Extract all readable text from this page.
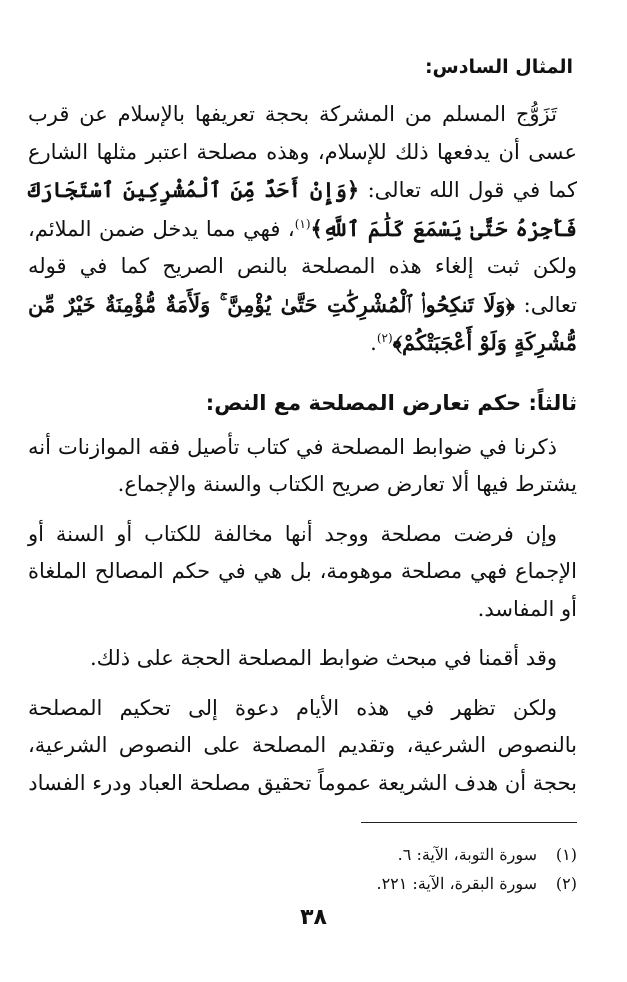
المثال السادس:

تَزَوُّج المسلم من المشركة بحجة تعريفها بالإسلام عن قرب عسى أن يدفعها ذلك للإسلام، وهذه مصلحة اعتبر مثلها الشارع كما في قول الله تعالى: ﴿وَإِنْ أَحَدٌ مِّنَ ٱلْمُشْرِكِينَ ٱسْتَجَارَكَ فَأَجِرْهُ حَتَّىٰ يَسْمَعَ كَلَٰمَ ٱللَّهِ﴾$^{(١)}$، فهي مما يدخل ضمن الملائم، ولكن ثبت إلغاء هذه المصلحة بالنص الصريح كما في قوله تعالى: ﴿وَلَا تَنكِحُوا۟ ٱلْمُشْرِكَٰتِ حَتَّىٰ يُؤْمِنَّ ۚ وَلَأَمَةٌ مُّؤْمِنَةٌ خَيْرٌ مِّن مُّشْرِكَةٍ وَلَوْ أَعْجَبَتْكُمْ﴾$^{(٢)}$.

ثالثاً: حكم تعارض المصلحة مع النص:

ذكرنا في ضوابط المصلحة في كتاب تأصيل فقه الموازنات أنه يشترط فيها ألا تعارض صريح الكتاب والسنة والإجماع.

وإن فرضت مصلحة ووجد أنها مخالفة للكتاب أو السنة أو الإجماع فهي مصلحة موهومة، بل هي في حكم المصالح الملغاة أو المفاسد.

وقد أقمنا في مبحث ضوابط المصلحة الحجة على ذلك.

ولكن تظهر في هذه الأيام دعوة إلى تحكيم المصلحة بالنصوص الشرعية، وتقديم المصلحة على النصوص الشرعية، بحجة أن هدف الشريعة عموماً تحقيق مصلحة العباد ودرء الفساد

(١)سورة التوبة، الآية: ٦.

(٢)سورة البقرة، الآية: ٢٢١.

٣٨
